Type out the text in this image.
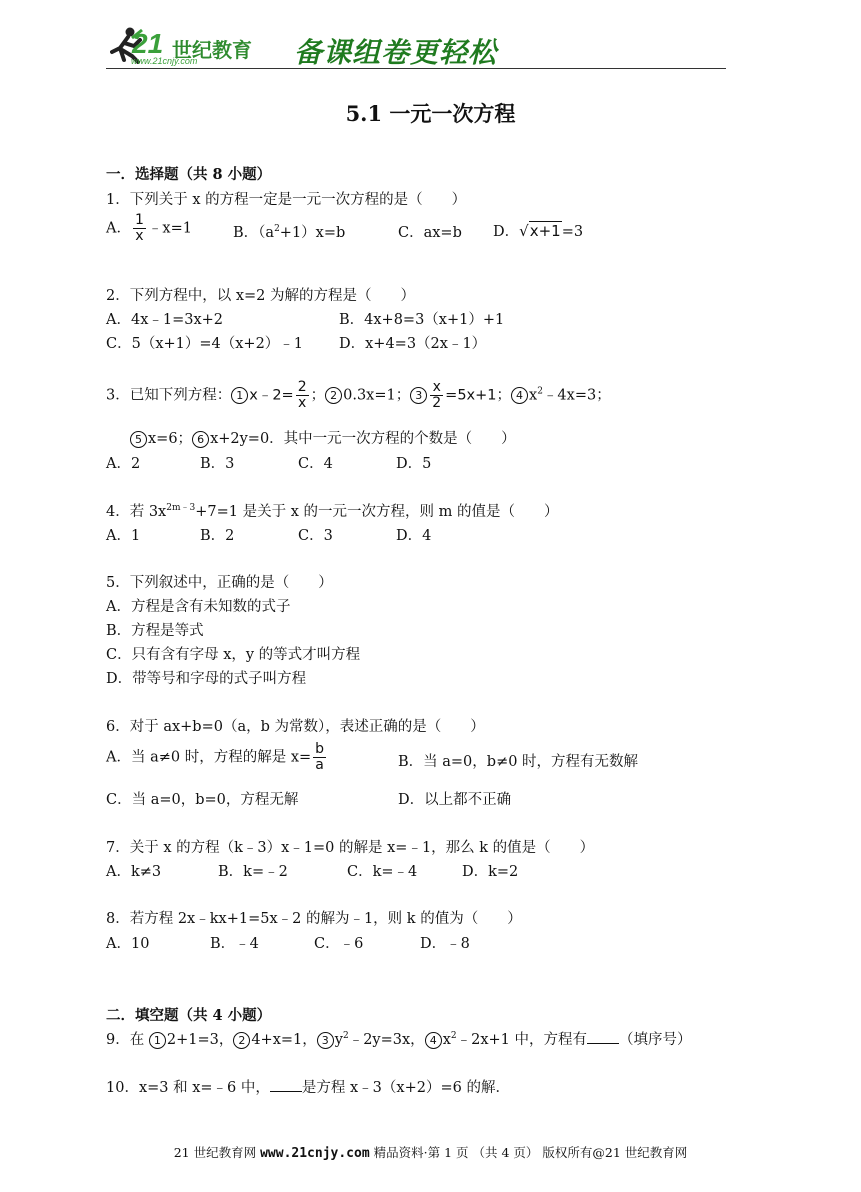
21 世纪教育
www.21cnjy.com	备课组卷更轻松
5.1 一元一次方程
一．选择题（共 8 小题）
1．下列关于 x 的方程一定是一元一次方程的是（　　）
A． $\frac{1}{x}$ ﹣x=1	B．$(a^2+1)x=b$	C．ax=b D．√x+1=3
2．下列方程中，以 x=2 为解的方程是（　　）
A．4x﹣1=3x+2	B．4x+8=3（x+1）+1
C．5（x+1）=4（x+2）﹣1 D．x+4=3（2x﹣1）
3．已知下列方程： 1 x﹣2= $\frac{2}{x}$ ； 2 0.3x=1； $3 \frac{x}{2} =5x+1$； 4 $x^2﹣4x=3$；
5 x=6； 6 x+2y=0．其中一元一次方程的个数是（　　）
A．2	B．3	C．4	D．5
4．若 $3x^{2m﹣3}+7=1$ 是关于 x 的一元一次方程，则 m 的值是（　　）
A．1	B．2	C．3	D．4
5．下列叙述中，正确的是（　　）
A．方程是含有未知数的式子
B．方程是等式
C．只有含有字母 x，y 的等式才叫方程
D．带等号和字母的式子叫方程
6．对于 ax+b=0（a，b 为常数），表述正确的是（　　）
A．当 a≠0 时，方程的解是 $x= \frac{b}{a}$	B．当 a=0，b≠0 时，方程有无数解
C．当 a=0，b=0，方程无解	D．以上都不正确
7．关于 x 的方程（k﹣3）x﹣1=0 的解是 x=﹣1，那么 k 的值是（　　）
A．k≠3	B．k=﹣2	C．k=﹣4	D．k=2
8．若方程 2x﹣kx+1=5x﹣2 的解为﹣1，则 k 的值为（　　）
A．10	B．﹣4	C．﹣6	D．﹣8
二．填空题（共 4 小题）
9．在 1 2+1=3， 2 4+x=1， 3 $y^2﹣2y=3x$， 4 $x^2﹣2x+1$ 中，方程有 （填序号）
10．x=3 和 x=﹣6 中， 是方程 x﹣3（x+2）=6 的解．
21 世纪教育网 www.21cnjy.com 精品资料·第 1 页 （共 4 页） 版权所有@21 世纪教育网
